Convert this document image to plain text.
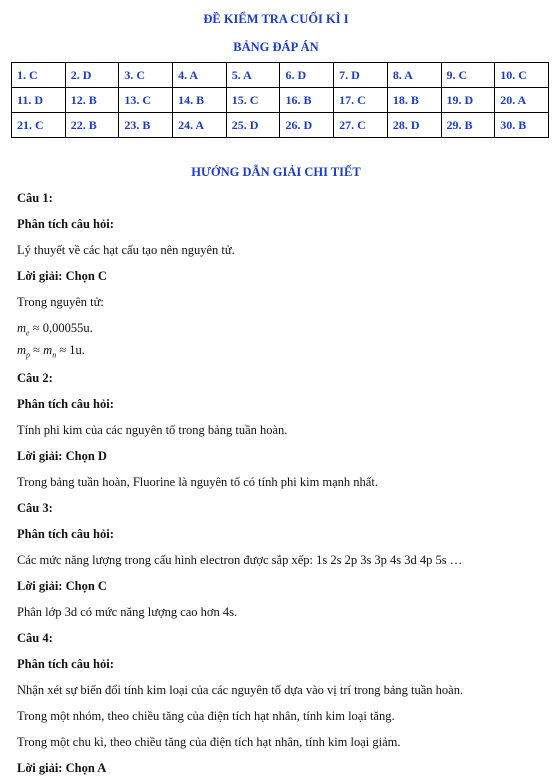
ĐỀ KIỂM TRA CUỐI KÌ I
BẢNG ĐÁP ÁN
1. C	2. D	3. C	4. A	5. A	6. D	7. D	8. A	9. C	10. C
11. D	12. B	13. C	14. B	15. C	16. B	17. C	18. B	19. D	20. A
21. C	22. B	23. B	24. A	25. D	26. D	27. C	28. D	29. B	30. B
HƯỚNG DẪN GIẢI CHI TIẾT
Câu 1:
Phân tích câu hỏi:
Lý thuyết về các hạt cấu tạo nên nguyên tử.
Lời giải: Chọn C
Trong nguyên tử:
$m_e \approx 0,00055u$.
$m_p \approx m_n \approx 1u$.
Câu 2:
Phân tích câu hỏi:
Tính phi kim của các nguyên tố trong bảng tuần hoàn.
Lời giải: Chọn D
Trong bảng tuần hoàn, Fluorine là nguyên tố có tính phi kim mạnh nhất.
Câu 3:
Phân tích câu hỏi:
Các mức năng lượng trong cấu hình electron được sắp xếp: 1s 2s 2p 3s 3p 4s 3d 4p 5s …
Lời giải: Chọn C
Phân lớp 3d có mức năng lượng cao hơn 4s.
Câu 4:
Phân tích câu hỏi:
Nhận xét sự biến đổi tính kim loại của các nguyên tố dựa vào vị trí trong bảng tuần hoàn.
Trong một nhóm, theo chiều tăng của điện tích hạt nhân, tính kim loại tăng.
Trong một chu kì, theo chiều tăng của điện tích hạt nhân, tính kim loại giảm.
Lời giải: Chọn A
